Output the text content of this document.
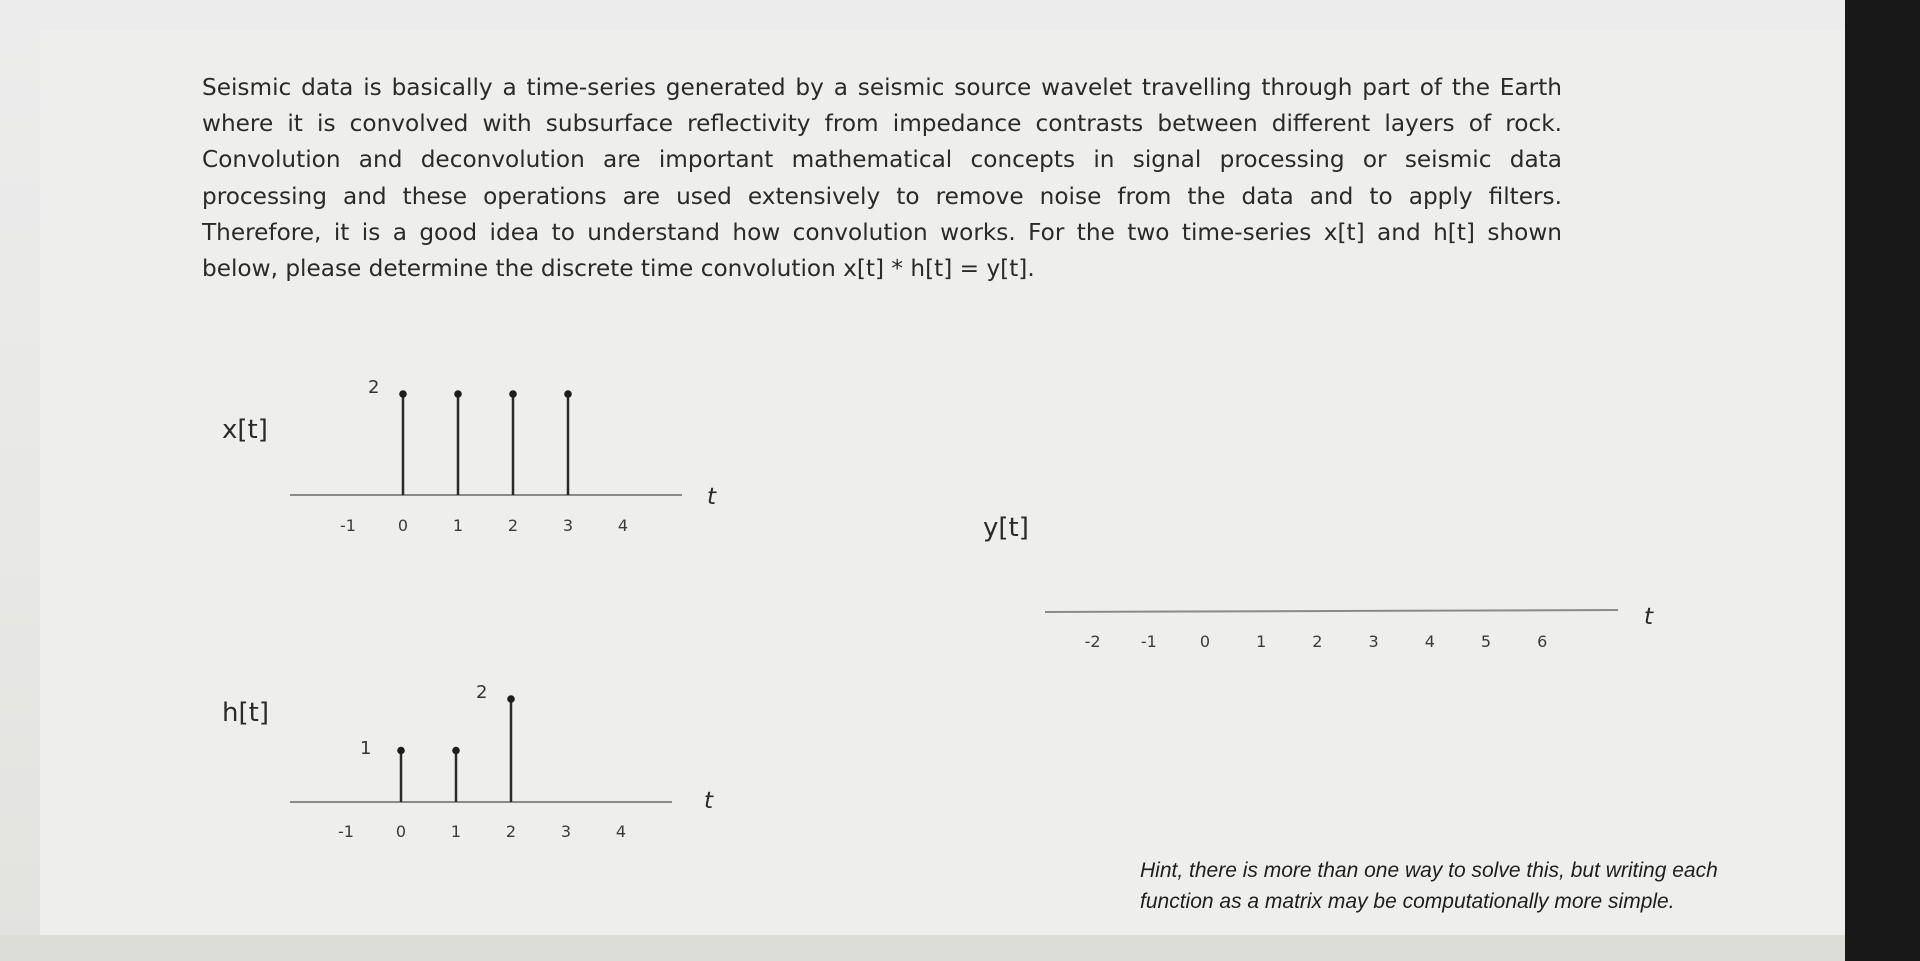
Seismic data is basically a time-series generated by a seismic source wavelet travelling through part of the Earth
where it is convolved with subsurface reflectivity from impedance contrasts between different layers of rock.
Convolution and deconvolution are important mathematical concepts in signal processing or seismic data
processing and these operations are used extensively to remove noise from the data and to apply filters.
Therefore, it is a good idea to understand how convolution works. For the two time-series x[t] and h[t] shown
below, please determine the discrete time convolution x[t] * h[t] = y[t].
x[t]
h[t]
y[t]
t
2
-1	0	1	2	3	4
t
1
2
-1	0	1	2	3	4
t
-2	-1	0	1	2	3	4	5	6
Hint, there is more than one way to solve this, but writing each
function as a matrix may be computationally more simple.
